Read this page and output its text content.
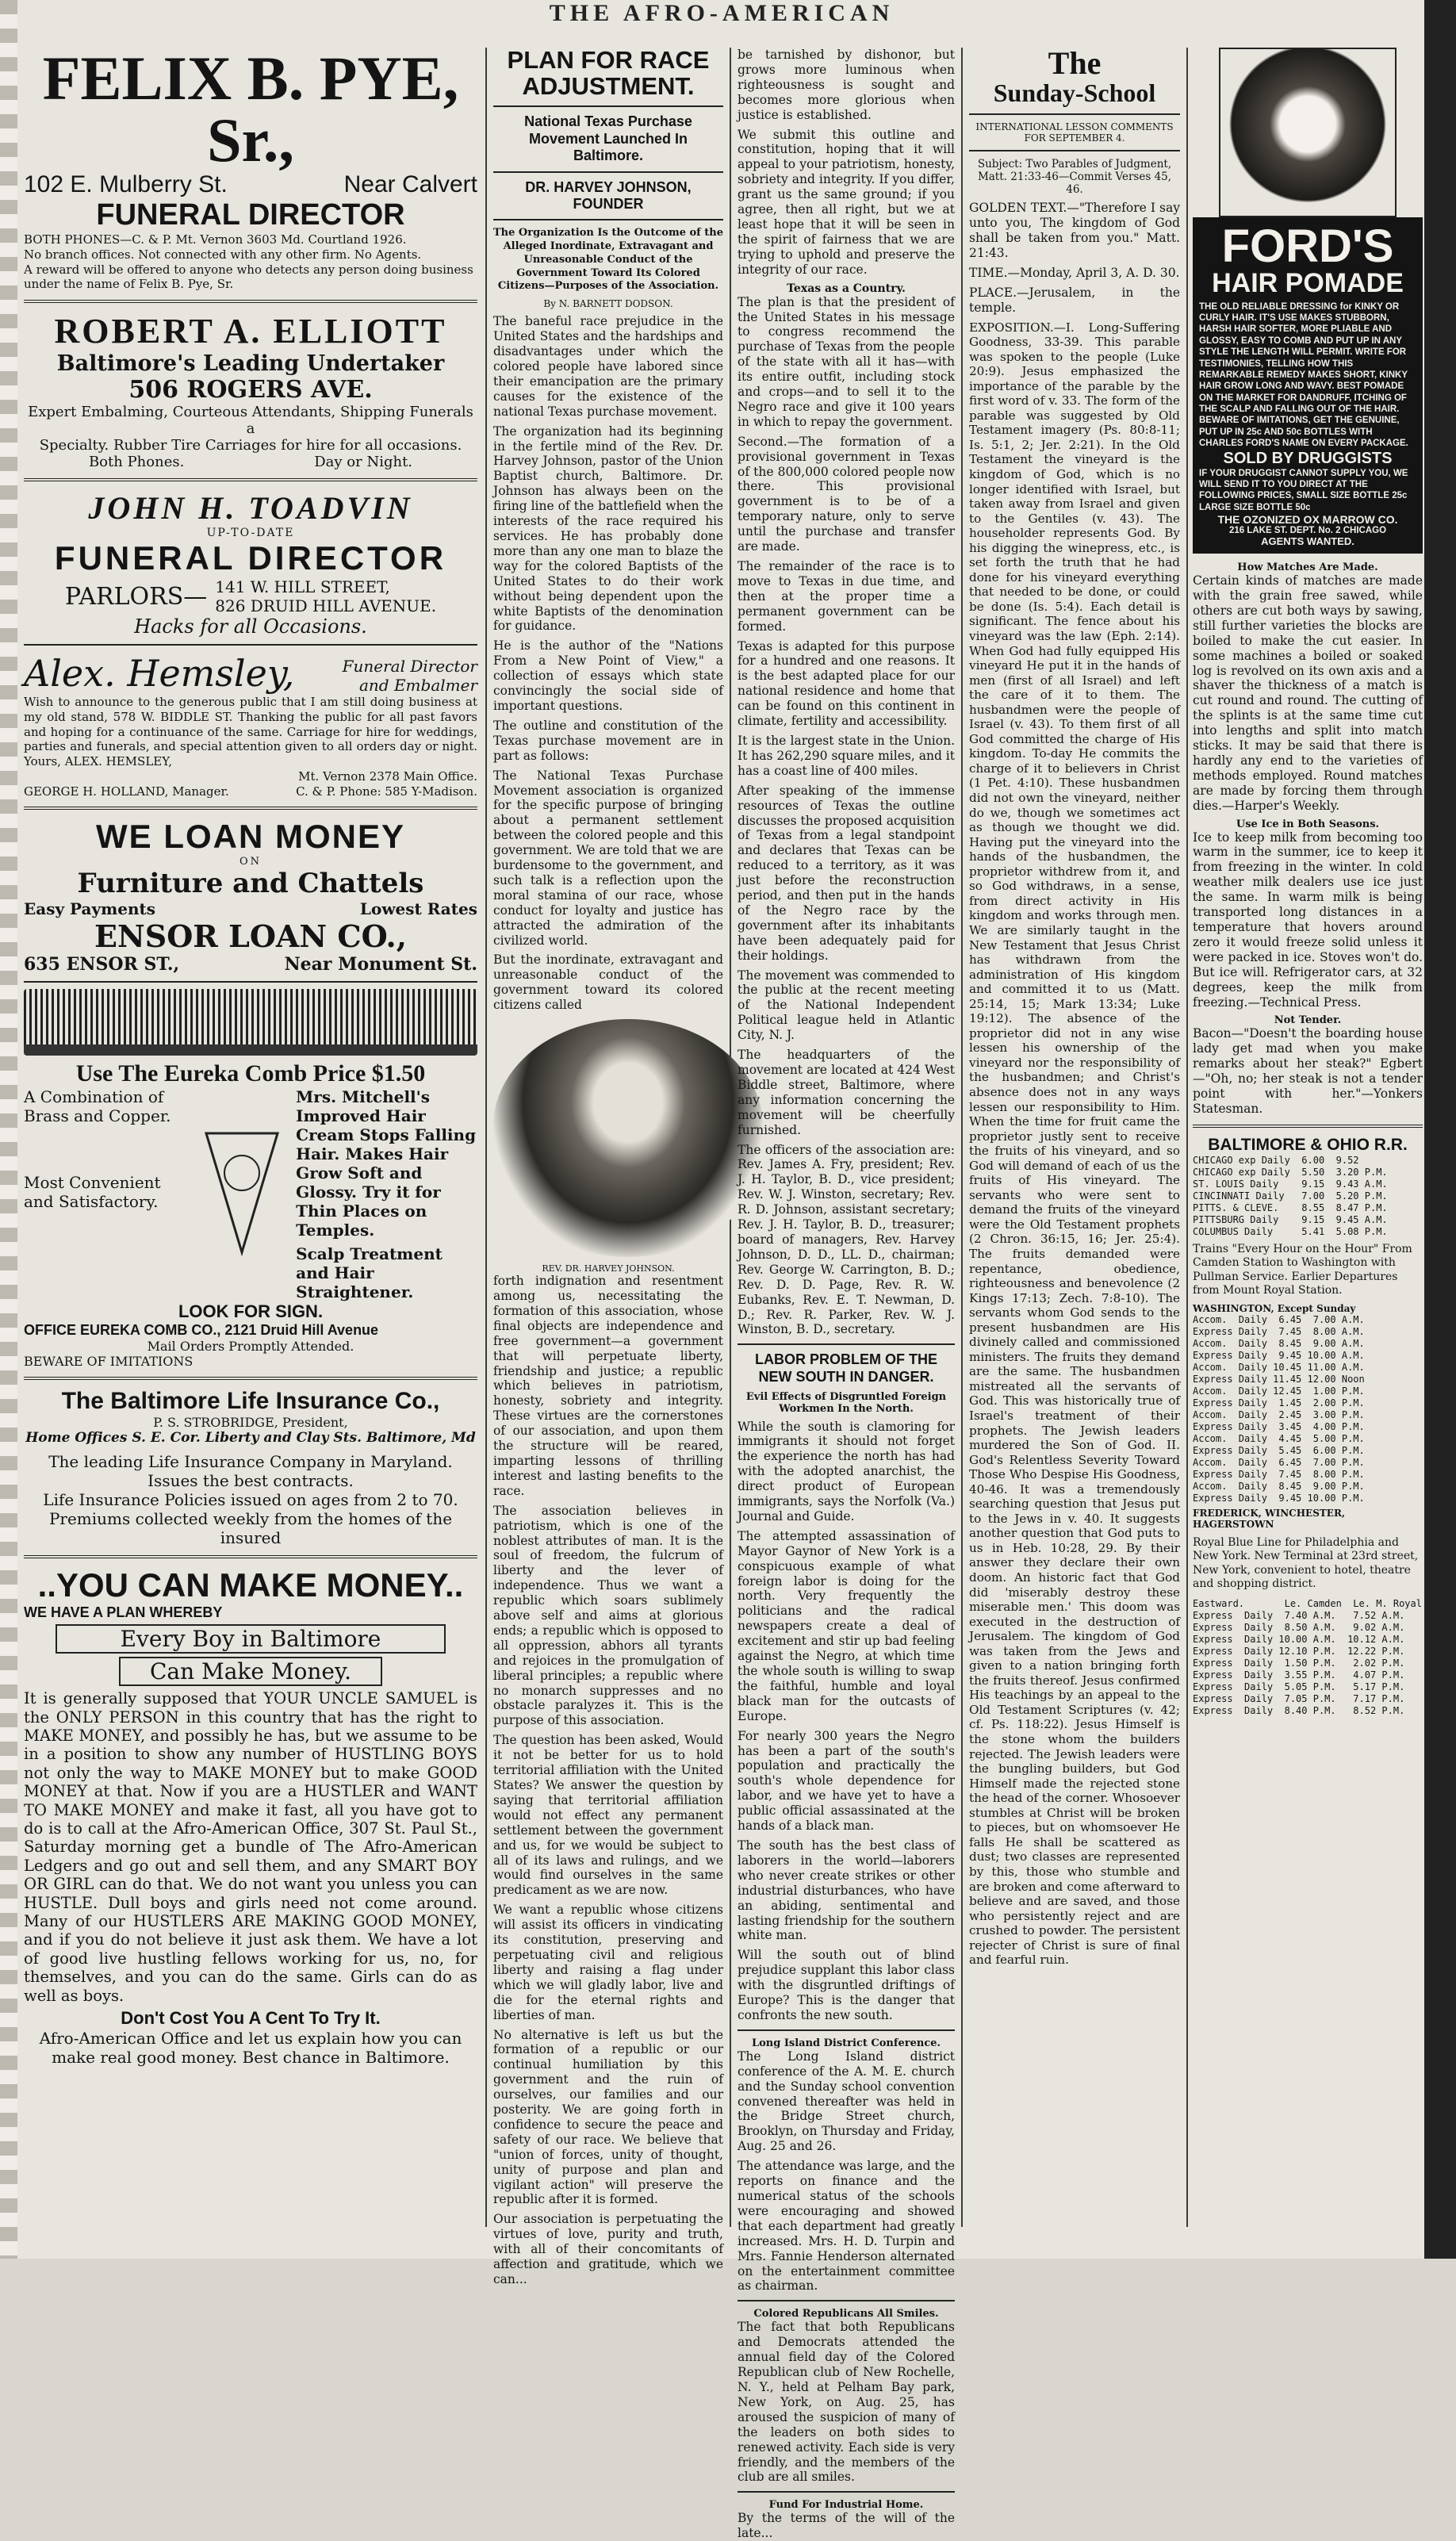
THE AFRO-AMERICAN
FELIX B. PYE, Sr.,
102 E. Mulberry St.	Near Calvert
FUNERAL DIRECTOR
BOTH PHONES—C. & P. Mt. Vernon 3603 Md. Courtland 1926.
No branch offices. Not connected with any other firm. No Agents.
A reward will be offered to anyone who detects any person doing business under the name of Felix B. Pye, Sr.
ROBERT A. ELLIOTT
Baltimore's Leading Undertaker
506 ROGERS AVE.
Expert Embalming, Courteous Attendants, Shipping Funerals a
Specialty. Rubber Tire Carriages for hire for all occasions.
Both Phones.	Day or Night.
JOHN H. TOADVIN
UP-TO-DATE
FUNERAL DIRECTOR
PARLORS—	141 W. HILL STREET,
826 DRUID HILL AVENUE.
Hacks for all Occasions.
Alex. Hemsley,	Funeral Director
and Embalmer
Wish to announce to the generous public that I am still doing business at my old stand, 578 W. BIDDLE ST. Thanking the public for all past favors and hoping for a continuance of the same. Carriage for hire for weddings, parties and funerals, and special attention given to all orders day or night. Yours, ALEX. HEMSLEY,
Mt. Vernon 2378 Main Office.
GEORGE H. HOLLAND, Manager.	C. & P. Phone: 585 Y-Madison.
WE LOAN MONEY
ON
Furniture and Chattels
Easy Payments	Lowest Rates
ENSOR LOAN CO.,
635 ENSOR ST.,	Near Monument St.
Use The Eureka Comb Price $1.50
A Combination of Brass and Copper.
Most Convenient and Satisfactory.

Mrs. Mitchell's Improved Hair Cream Stops Falling Hair. Makes Hair Grow Soft and Glossy. Try it for Thin Places on Temples.
Scalp Treatment and Hair Straightener.
LOOK FOR SIGN.
OFFICE EUREKA COMB CO., 2121 Druid Hill Avenue
Mail Orders Promptly Attended.
BEWARE OF IMITATIONS
The Baltimore Life Insurance Co.,
P. S. STROBRIDGE, President,
Home Offices S. E. Cor. Liberty and Clay Sts. Baltimore, Md
The leading Life Insurance Company in Maryland.
Issues the best contracts.
Life Insurance Policies issued on ages from 2 to 70.
Premiums collected weekly from the homes of the insured
..YOU CAN MAKE MONEY..
WE HAVE A PLAN WHEREBY
Every Boy in Baltimore
Can Make Money.
It is generally supposed that YOUR UNCLE SAMUEL is the ONLY PERSON in this country that has the right to MAKE MONEY, and possibly he has, but we assume to be in a position to show any number of HUSTLING BOYS not only the way to MAKE MONEY but to make GOOD MONEY at that. Now if you are a HUSTLER and WANT TO MAKE MONEY and make it fast, all you have got to do is to call at the Afro-American Office, 307 St. Paul St., Saturday morning get a bundle of The Afro-American Ledgers and go out and sell them, and any SMART BOY OR GIRL can do that. We do not want you unless you can HUSTLE. Dull boys and girls need not come around. Many of our HUSTLERS ARE MAKING GOOD MONEY, and if you do not believe it just ask them. We have a lot of good live hustling fellows working for us, no, for themselves, and you can do the same. Girls can do as well as boys.
Don't Cost You A Cent To Try It.
Afro-American Office and let us explain how you can make real good money. Best chance in Baltimore.
PLAN FOR RACE ADJUSTMENT.
National Texas Purchase Movement Launched In Baltimore.
DR. HARVEY JOHNSON, FOUNDER
The Organization Is the Outcome of the Alleged Inordinate, Extravagant and Unreasonable Conduct of the Government Toward Its Colored Citizens—Purposes of the Association.
By N. BARNETT DODSON.

The baneful race prejudice in the United States and the hardships and disadvantages under which the colored people have labored since their emancipation are the primary causes for the existence of the national Texas purchase movement.

The organization had its beginning in the fertile mind of the Rev. Dr. Harvey Johnson, pastor of the Union Baptist church, Baltimore. Dr. Johnson has always been on the firing line of the battlefield when the interests of the race required his services. He has probably done more than any one man to blaze the way for the colored Baptists of the United States to do their work without being dependent upon the white Baptists of the denomination for guidance.

He is the author of the "Nations From a New Point of View," a collection of essays which state convincingly the social side of important questions.

The outline and constitution of the Texas purchase movement are in part as follows:

The National Texas Purchase Movement association is organized for the specific purpose of bringing about a permanent settlement between the colored people and this government. We are told that we are burdensome to the government, and such talk is a reflection upon the moral stamina of our race, whose conduct for loyalty and justice has attracted the admiration of the civilized world.

But the inordinate, extravagant and unreasonable conduct of the government toward its colored citizens called

REV. DR. HARVEY JOHNSON.

forth indignation and resentment among us, necessitating the formation of this association, whose final objects are independence and free government—a government that will perpetuate liberty, friendship and justice; a republic which believes in patriotism, honesty, sobriety and integrity. These virtues are the cornerstones of our association, and upon them the structure will be reared, imparting lessons of thrilling interest and lasting benefits to the race.

The association believes in patriotism, which is one of the noblest attributes of man. It is the soul of freedom, the fulcrum of liberty and the lever of independence. Thus we want a republic which soars sublimely above self and aims at glorious ends; a republic which is opposed to all oppression, abhors all tyrants and rejoices in the promulgation of liberal principles; a republic where no monarch suppresses and no obstacle paralyzes it. This is the purpose of this association.

The question has been asked, Would it not be better for us to hold territorial affiliation with the United States? We answer the question by saying that territorial affiliation would not effect any permanent settlement between the government and us, for we would be subject to all of its laws and rulings, and we would find ourselves in the same predicament as we are now.

We want a republic whose citizens will assist its officers in vindicating its constitution, preserving and perpetuating civil and religious liberty and raising a flag under which we will gladly labor, live and die for the eternal rights and liberties of man.

No alternative is left us but the formation of a republic or our continual humiliation by this government and the ruin of ourselves, our families and our posterity. We are going forth in confidence to secure the peace and safety of our race. We believe that "union of forces, unity of thought, unity of purpose and plan and vigilant action" will preserve the republic after it is formed.

Our association is perpetuating the virtues of love, purity and truth, with all of their concomitants of affection and gratitude, which we can...

be tarnished by dishonor, but grows more luminous when righteousness is sought and becomes more glorious when justice is established.

We submit this outline and constitution, hoping that it will appeal to your patriotism, honesty, sobriety and integrity. If you differ, grant us the same ground; if you agree, then all right, but we at least hope that it will be seen in the spirit of fairness that we are trying to uphold and preserve the integrity of our race.

Texas as a Country.

The plan is that the president of the United States in his message to congress recommend the purchase of Texas from the people of the state with all it has—with its entire outfit, including stock and crops—and to sell it to the Negro race and give it 100 years in which to repay the government.

Second.—The formation of a provisional government in Texas of the 800,000 colored people now there. This provisional government is to be of a temporary nature, only to serve until the purchase and transfer are made.

The remainder of the race is to move to Texas in due time, and then at the proper time a permanent government can be formed.

Texas is adapted for this purpose for a hundred and one reasons. It is the best adapted place for our national residence and home that can be found on this continent in climate, fertility and accessibility.

It is the largest state in the Union. It has 262,290 square miles, and it has a coast line of 400 miles.

After speaking of the immense resources of Texas the outline discusses the proposed acquisition of Texas from a legal standpoint and declares that Texas can be reduced to a territory, as it was just before the reconstruction period, and then put in the hands of the Negro race by the government after its inhabitants have been adequately paid for their holdings.

The movement was commended to the public at the recent meeting of the National Independent Political league held in Atlantic City, N. J.

The headquarters of the movement are located at 424 West Biddle street, Baltimore, where any information concerning the movement will be cheerfully furnished.

The officers of the association are: Rev. James A. Fry, president; Rev. J. H. Taylor, B. D., vice president; Rev. W. J. Winston, secretary; Rev. R. D. Johnson, assistant secretary; Rev. J. H. Taylor, B. D., treasurer; board of managers, Rev. Harvey Johnson, D. D., LL. D., chairman; Rev. George W. Carrington, B. D.; Rev. D. D. Page, Rev. R. W. Eubanks, Rev. E. T. Newman, D. D.; Rev. R. Parker, Rev. W. J. Winston, B. D., secretary.

LABOR PROBLEM OF THE NEW SOUTH IN DANGER.
Evil Effects of Disgruntled Foreign Workmen In the North.

While the south is clamoring for immigrants it should not forget the experience the north has had with the adopted anarchist, the direct product of European immigrants, says the Norfolk (Va.) Journal and Guide.

The attempted assassination of Mayor Gaynor of New York is a conspicuous example of what foreign labor is doing for the north. Very frequently the politicians and the radical newspapers create a deal of excitement and stir up bad feeling against the Negro, at which time the whole south is willing to swap the faithful, humble and loyal black man for the outcasts of Europe.

For nearly 300 years the Negro has been a part of the south's population and practically the south's whole dependence for labor, and we have yet to have a public official assassinated at the hands of a black man.

The south has the best class of laborers in the world—laborers who never create strikes or other industrial disturbances, who have an abiding, sentimental and lasting friendship for the southern white man.

Will the south out of blind prejudice supplant this labor class with the disgruntled driftings of Europe? This is the danger that confronts the new south.

Long Island District Conference.

The Long Island district conference of the A. M. E. church and the Sunday school convention convened thereafter was held in the Bridge Street church, Brooklyn, on Thursday and Friday, Aug. 25 and 26.

The attendance was large, and the reports on finance and the numerical status of the schools were encouraging and showed that each department had greatly increased. Mrs. H. D. Turpin and Mrs. Fannie Henderson alternated on the entertainment committee as chairman.

Colored Republicans All Smiles.

The fact that both Republicans and Democrats attended the annual field day of the Colored Republican club of New Rochelle, N. Y., held at Pelham Bay park, New York, on Aug. 25, has aroused the suspicion of many of the leaders on both sides to renewed activity. Each side is very friendly, and the members of the club are all smiles.

Fund For Industrial Home.

By the terms of the will of the late...

The
Sunday-School
INTERNATIONAL LESSON COMMENTS FOR SEPTEMBER 4.
Subject: Two Parables of Judgment, Matt. 21:33-46—Commit Verses 45, 46.

GOLDEN TEXT.—"Therefore I say unto you, The kingdom of God shall be taken from you." Matt. 21:43.

TIME.—Monday, April 3, A. D. 30.

PLACE.—Jerusalem, in the temple.

EXPOSITION.—I. Long-Suffering Goodness, 33-39. This parable was spoken to the people (Luke 20:9). Jesus emphasized the importance of the parable by the first word of v. 33. The form of the parable was suggested by Old Testament imagery (Ps. 80:8-11; Is. 5:1, 2; Jer. 2:21). In the Old Testament the vineyard is the kingdom of God, which is no longer identified with Israel, but taken away from Israel and given to the Gentiles (v. 43). The householder represents God. By his digging the winepress, etc., is set forth the truth that he had done for his vineyard everything that needed to be done, or could be done (Is. 5:4). Each detail is significant. The fence about his vineyard was the law (Eph. 2:14). When God had fully equipped His vineyard He put it in the hands of men (first of all Israel) and left the care of it to them. The husbandmen were the people of Israel (v. 43). To them first of all God committed the charge of His kingdom. To-day He commits the charge of it to believers in Christ (1 Pet. 4:10). These husbandmen did not own the vineyard, neither do we, though we sometimes act as though we thought we did. Having put the vineyard into the hands of the husbandmen, the proprietor withdrew from it, and so God withdraws, in a sense, from direct activity in His kingdom and works through men. We are similarly taught in the New Testament that Jesus Christ has withdrawn from the administration of His kingdom and committed it to us (Matt. 25:14, 15; Mark 13:34; Luke 19:12). The absence of the proprietor did not in any wise lessen his ownership of the vineyard nor the responsibility of the husbandmen; and Christ's absence does not in any ways lessen our responsibility to Him. When the time for fruit came the proprietor justly sent to receive the fruits of his vineyard, and so God will demand of each of us the fruits of His vineyard. The servants who were sent to demand the fruits of the vineyard were the Old Testament prophets (2 Chron. 36:15, 16; Jer. 25:4). The fruits demanded were repentance, obedience, righteousness and benevolence (2 Kings 17:13; Zech. 7:8-10). The servants whom God sends to the present husbandmen are His divinely called and commissioned ministers. The fruits they demand are the same. The husbandmen mistreated all the servants of God. This was historically true of Israel's treatment of their prophets. The Jewish leaders murdered the Son of God. II. God's Relentless Severity Toward Those Who Despise His Goodness, 40-46. It was a tremendously searching question that Jesus put to the Jews in v. 40. It suggests another question that God puts to us in Heb. 10:28, 29. By their answer they declare their own doom. An historic fact that God did 'miserably destroy these miserable men.' This doom was executed in the destruction of Jerusalem. The kingdom of God was taken from the Jews and given to a nation bringing forth the fruits thereof. Jesus confirmed His teachings by an appeal to the Old Testament Scriptures (v. 42; cf. Ps. 118:22). Jesus Himself is the stone whom the builders rejected. The Jewish leaders were the bungling builders, but God Himself made the rejected stone the head of the corner. Whosoever stumbles at Christ will be broken to pieces, but on whomsoever He falls He shall be scattered as dust; two classes are represented by this, those who stumble and are broken and come afterward to believe and are saved, and those who persistently reject and are crushed to powder. The persistent rejecter of Christ is sure of final and fearful ruin.

FORD'S
HAIR POMADE
THE OLD RELIABLE DRESSING for KINKY OR CURLY HAIR. IT'S USE MAKES STUBBORN, HARSH HAIR SOFTER, MORE PLIABLE AND GLOSSY, EASY TO COMB AND PUT UP IN ANY STYLE THE LENGTH WILL PERMIT. WRITE FOR TESTIMONIES, TELLING HOW THIS REMARKABLE REMEDY MAKES SHORT, KINKY HAIR GROW LONG AND WAVY. BEST POMADE ON THE MARKET FOR DANDRUFF, ITCHING OF THE SCALP AND FALLING OUT OF THE HAIR. BEWARE OF IMITATIONS, GET THE GENUINE, PUT UP IN 25c AND 50c BOTTLES WITH CHARLES FORD'S NAME ON EVERY PACKAGE.
SOLD BY DRUGGISTS
IF YOUR DRUGGIST CANNOT SUPPLY YOU, WE WILL SEND IT TO YOU DIRECT AT THE FOLLOWING PRICES, SMALL SIZE BOTTLE 25c LARGE SIZE BOTTLE 50c
THE OZONIZED OX MARROW CO.
216 LAKE ST. DEPT. No. 2 CHICAGO
AGENTS WANTED.
How Matches Are Made.

Certain kinds of matches are made with the grain free sawed, while others are cut both ways by sawing, still further varieties the blocks are boiled to make the cut easier. In some machines a boiled or soaked log is revolved on its own axis and a shaver the thickness of a match is cut round and round. The cutting of the splints is at the same time cut into lengths and split into match sticks. It may be said that there is hardly any end to the varieties of methods employed. Round matches are made by forcing them through dies.—Harper's Weekly.

Use Ice in Both Seasons.

Ice to keep milk from becoming too warm in the summer, ice to keep it from freezing in the winter. In cold weather milk dealers use ice just the same. In warm milk is being transported long distances in a temperature that hovers around zero it would freeze solid unless it were packed in ice. Stoves won't do. But ice will. Refrigerator cars, at 32 degrees, keep the milk from freezing.—Technical Press.

Not Tender.

Bacon—"Doesn't the boarding house lady get mad when you make remarks about her steak?" Egbert—"Oh, no; her steak is not a tender point with her."—Yonkers Statesman.

BALTIMORE & OHIO R.R.
CHICAGO exp Daily  6.00  9.52
CHICAGO exp Daily  5.50  3.20 P.M.
ST. LOUIS Daily    9.15  9.43 A.M.
CINCINNATI Daily   7.00  5.20 P.M.
PITTS. & CLEVE.    8.55  8.47 P.M.
PITTSBURG Daily    9.15  9.45 A.M.
COLUMBUS Daily     5.41  5.08 P.M.
Trains "Every Hour on the Hour" From Camden Station to Washington with Pullman Service. Earlier Departures from Mount Royal Station.
WASHINGTON, Except Sunday
Accom.  Daily  6.45  7.00 A.M.
Express Daily  7.45  8.00 A.M.
Accom.  Daily  8.45  9.00 A.M.
Express Daily  9.45 10.00 A.M.
Accom.  Daily 10.45 11.00 A.M.
Express Daily 11.45 12.00 Noon
Accom.  Daily 12.45  1.00 P.M.
Express Daily  1.45  2.00 P.M.
Accom.  Daily  2.45  3.00 P.M.
Express Daily  3.45  4.00 P.M.
Accom.  Daily  4.45  5.00 P.M.
Express Daily  5.45  6.00 P.M.
Accom.  Daily  6.45  7.00 P.M.
Express Daily  7.45  8.00 P.M.
Accom.  Daily  8.45  9.00 P.M.
Express Daily  9.45 10.00 P.M.
FREDERICK, WINCHESTER, HAGERSTOWN
Royal Blue Line for Philadelphia and New York. New Terminal at 23rd street, New York, convenient to hotel, theatre and shopping district.
Eastward.       Le. Camden  Le. M. Royal
Express  Daily  7.40 A.M.   7.52 A.M.
Express  Daily  8.50 A.M.   9.02 A.M.
Express  Daily 10.00 A.M.  10.12 A.M.
Express  Daily 12.10 P.M.  12.22 P.M.
Express  Daily  1.50 P.M.   2.02 P.M.
Express  Daily  3.55 P.M.   4.07 P.M.
Express  Daily  5.05 P.M.   5.17 P.M.
Express  Daily  7.05 P.M.   7.17 P.M.
Express  Daily  8.40 P.M.   8.52 P.M.
